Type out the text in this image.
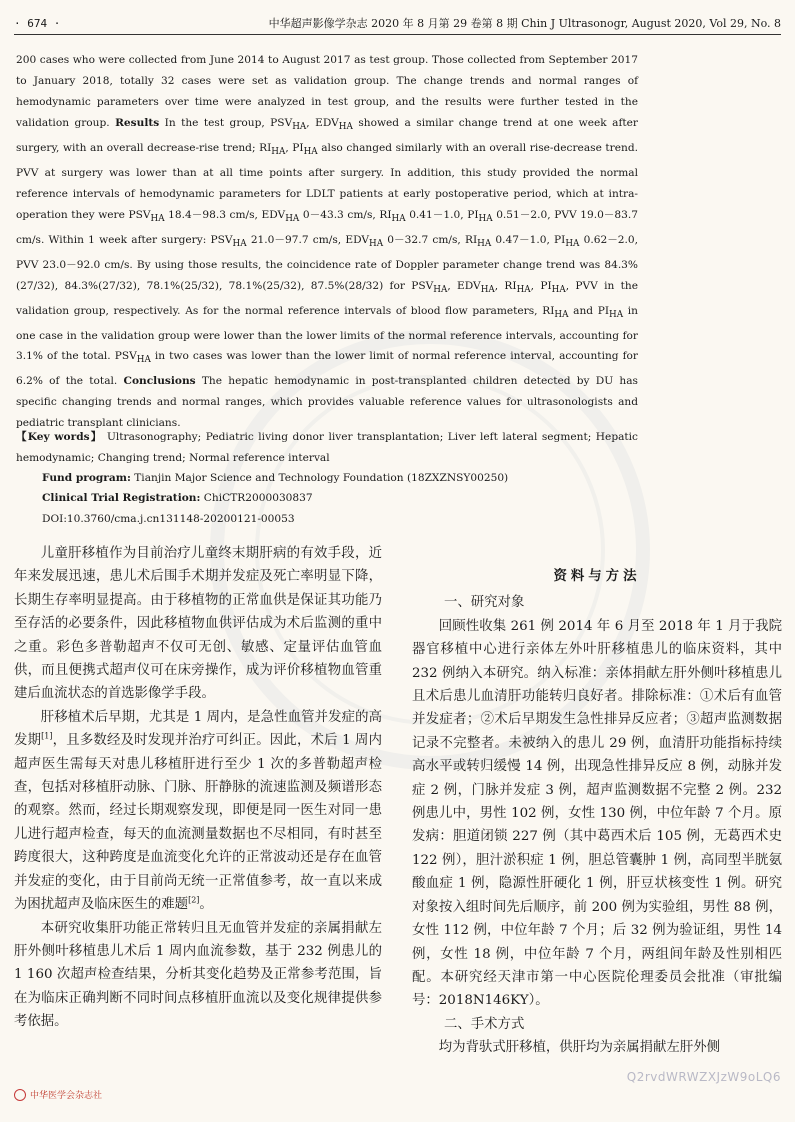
· 674 ·	中华超声影像学杂志 2020 年 8 月第 29 卷第 8 期 Chin J Ultrasonogr, August 2020, Vol 29, No. 8
200 cases who were collected from June 2014 to August 2017 as test group. Those collected from September 2017 to January 2018, totally 32 cases were set as validation group. The change trends and normal ranges of hemodynamic parameters over time were analyzed in test group, and the results were further tested in the validation group. Results In the test group, $PSV_{HA}$, $EDV_{HA}$ showed a similar change trend at one week after surgery, with an overall decrease-rise trend; $RI_{HA}$, $PI_{HA}$ also changed similarly with an overall rise-decrease trend. PVV at surgery was lower than at all time points after surgery. In addition, this study provided the normal reference intervals of hemodynamic parameters for LDLT patients at early postoperative period, which at intra-operation they were $PSV_{HA}$ 18.4－98.3 cm/s, $EDV_{HA}$ 0－43.3 cm/s, $RI_{HA}$ 0.41－1.0, $PI_{HA}$ 0.51－2.0, PVV 19.0－83.7 cm/s. Within 1 week after surgery: $PSV_{HA}$ 21.0－97.7 cm/s, $EDV_{HA}$ 0－32.7 cm/s, $RI_{HA}$ 0.47－1.0, $PI_{HA}$ 0.62－2.0, PVV 23.0－92.0 cm/s. By using those results, the coincidence rate of Doppler parameter change trend was 84.3%(27/32), 84.3%(27/32), 78.1%(25/32), 78.1%(25/32), 87.5%(28/32) for $PSV_{HA}$, $EDV_{HA}$, $RI_{HA}$, $PI_{HA}$, PVV in the validation group, respectively. As for the normal reference intervals of blood flow parameters, $RI_{HA}$ and $PI_{HA}$ in one case in the validation group were lower than the lower limits of the normal reference intervals, accounting for 3.1% of the total. $PSV_{HA}$ in two cases was lower than the lower limit of normal reference interval, accounting for 6.2% of the total. Conclusions The hepatic hemodynamic in post-transplanted children detected by DU has specific changing trends and normal ranges, which provides valuable reference values for ultrasonologists and pediatric transplant clinicians.
【Key words】 Ultrasonography; Pediatric living donor liver transplantation; Liver left lateral segment; Hepatic hemodynamic; Changing trend; Normal reference interval
Fund program: Tianjin Major Science and Technology Foundation (18ZXZNSY00250)
Clinical Trial Registration: ChiCTR2000030837
DOI:10.3760/cma.j.cn131148-20200121-00053

儿童肝移植作为目前治疗儿童终末期肝病的有效手段，近年来发展迅速，患儿术后围手术期并发症及死亡率明显下降，长期生存率明显提高。由于移植物的正常血供是保证其功能乃至存活的必要条件，因此移植物血供评估成为术后监测的重中之重。彩色多普勒超声不仅可无创、敏感、定量评估血管血供，而且便携式超声仪可在床旁操作，成为评价移植物血管重建后血流状态的首选影像学手段。

肝移植术后早期，尤其是 1 周内，是急性血管并发症的高发期[1]，且多数经及时发现并治疗可纠正。因此，术后 1 周内超声医生需每天对患儿移植肝进行至少 1 次的多普勒超声检查，包括对移植肝动脉、门脉、肝静脉的流速监测及频谱形态的观察。然而，经过长期观察发现，即便是同一医生对同一患儿进行超声检查，每天的血流测量数据也不尽相同，有时甚至跨度很大，这种跨度是血流变化允许的正常波动还是存在血管并发症的变化，由于目前尚无统一正常值参考，故一直以来成为困扰超声及临床医生的难题[2]。

本研究收集肝功能正常转归且无血管并发症的亲属捐献左肝外侧叶移植患儿术后 1 周内血流参数，基于 232 例患儿的 1 160 次超声检查结果，分析其变化趋势及正常参考范围，旨在为临床正确判断不同时间点移植肝血流以及变化规律提供参考依据。

资料与方法

一、研究对象

回顾性收集 261 例 2014 年 6 月至 2018 年 1 月于我院器官移植中心进行亲体左外叶肝移植患儿的临床资料，其中 232 例纳入本研究。纳入标准：亲体捐献左肝外侧叶移植患儿且术后患儿血清肝功能转归良好者。排除标准：①术后有血管并发症者；②术后早期发生急性排异反应者；③超声监测数据记录不完整者。未被纳入的患儿 29 例，血清肝功能指标持续高水平或转归缓慢 14 例，出现急性排异反应 8 例，动脉并发症 2 例，门脉并发症 3 例，超声监测数据不完整 2 例。232 例患儿中，男性 102 例，女性 130 例，中位年龄 7 个月。原发病：胆道闭锁 227 例（其中葛西术后 105 例，无葛西术史 122 例），胆汁淤积症 1 例，胆总管囊肿 1 例，高同型半胱氨酸血症 1 例，隐源性肝硬化 1 例，肝豆状核变性 1 例。研究对象按入组时间先后顺序，前 200 例为实验组，男性 88 例，女性 112 例，中位年龄 7 个月；后 32 例为验证组，男性 14 例，女性 18 例，中位年龄 7 个月，两组间年龄及性别相匹配。本研究经天津市第一中心医院伦理委员会批准（审批编号：2018N146KY）。

二、手术方式

均为背驮式肝移植，供肝均为亲属捐献左肝外侧

中华医学会杂志社
Q2rvdWRWZXJzW9oLQ6
